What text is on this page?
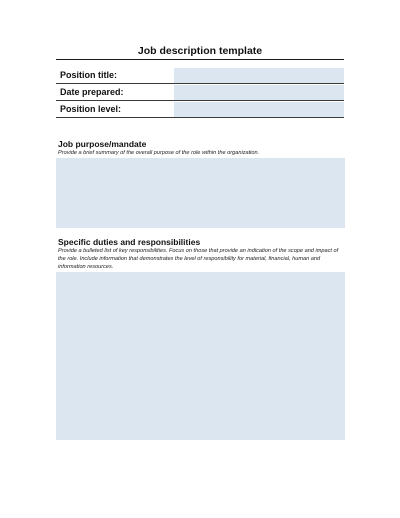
Job description template
Position title:
Date prepared:
Position level:
Job purpose/mandate
Provide a brief summary of the overall purpose of the role within the organization.
Specific duties and responsibilities
Provide a bulleted list of key responsibilities. Focus on those that provide an indication of the scope and impact of the role. Include information that demonstrates the level of responsibility for material, financial, human and information resources.
